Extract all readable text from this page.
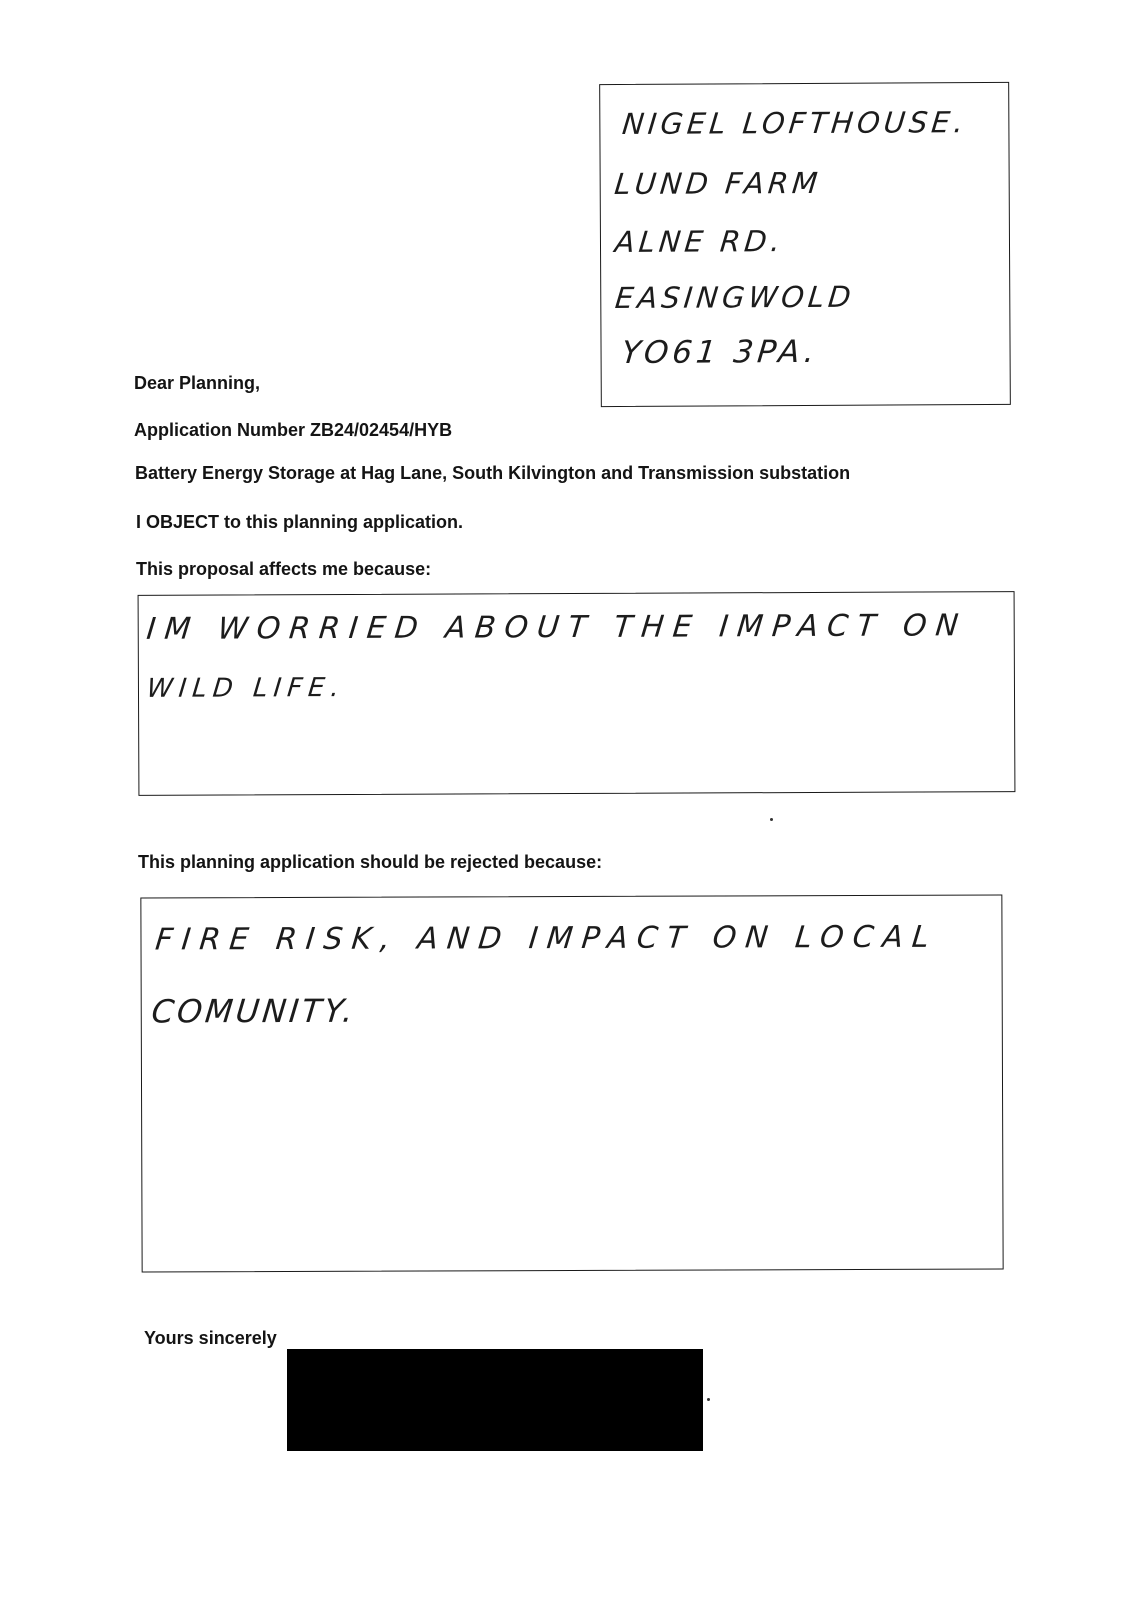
NIGEL LOFTHOUSE.
LUND FARM
ALNE RD.
EASINGWOLD
YO61 3PA.
Dear Planning,
Application Number ZB24/02454/HYB
Battery Energy Storage at Hag Lane, South Kilvington and Transmission substation
I OBJECT to this planning application.
This proposal affects me because:
IM WORRIED ABOUT THE IMPACT ON
WILD LIFE.
This planning application should be rejected because:
FIRE RISK, AND IMPACT ON LOCAL
COMUNITY.
Yours sincerely
